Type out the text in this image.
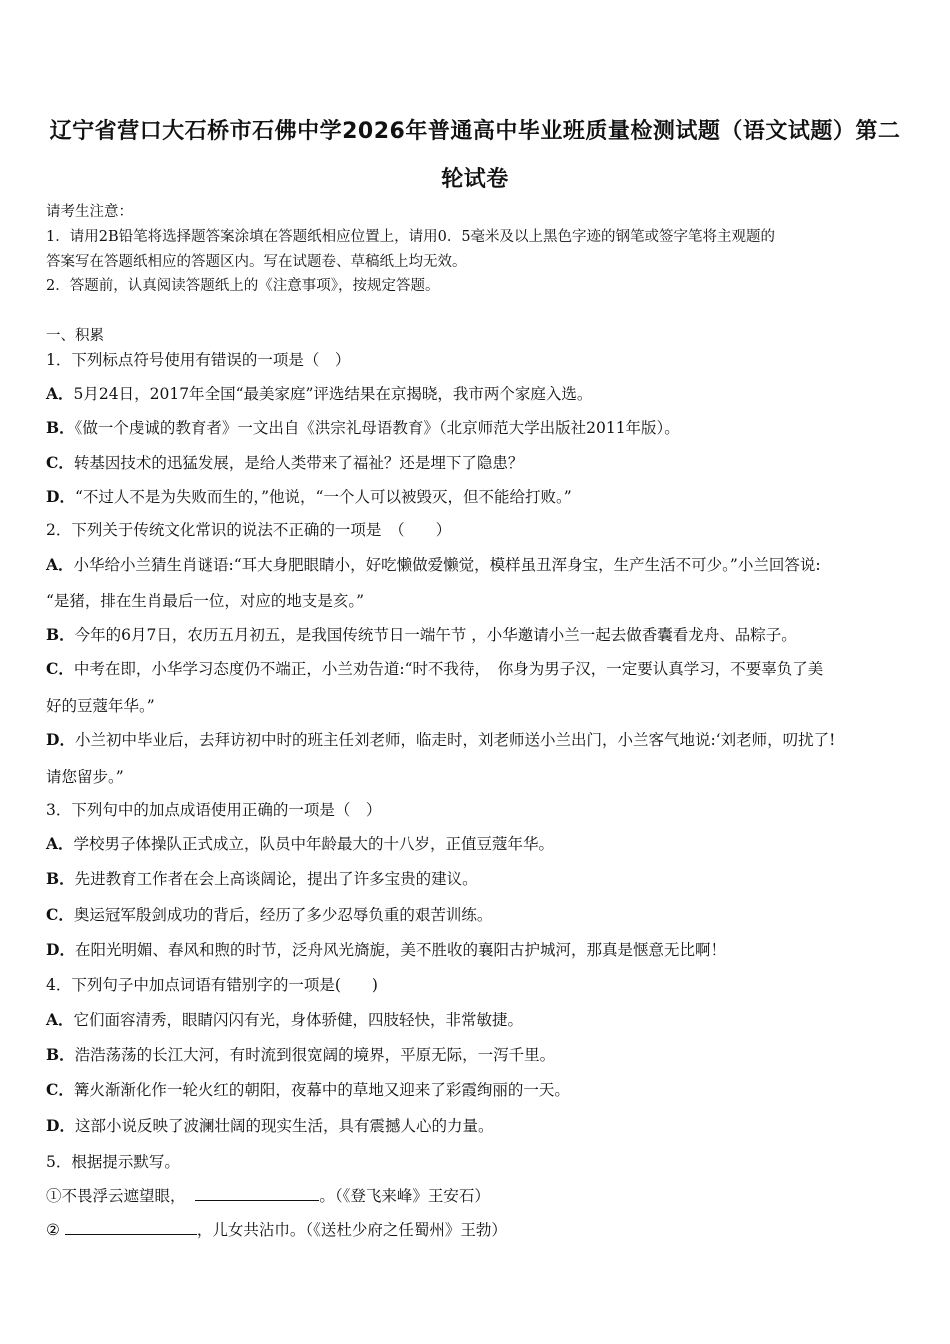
辽宁省营口大石桥市石佛中学2026年普通高中毕业班质量检测试题（语文试题）第二
轮试卷
请考生注意：
1．请用2B铅笔将选择题答案涂填在答题纸相应位置上，请用0．5毫米及以上黑色字迹的钢笔或签字笔将主观题的
答案写在答题纸相应的答题区内。写在试题卷、草稿纸上均无效。
2．答题前，认真阅读答题纸上的《注意事项》，按规定答题。
一、积累
1．下列标点符号使用有错误的一项是（　）
A．5月24日，2017年全国“最美家庭”评选结果在京揭晓，我市两个家庭入选。
B．《做一个虔诚的教育者》一文出自《洪宗礼母语教育》（北京师范大学出版社2011年版）。
C．转基因技术的迅猛发展，是给人类带来了福祉？还是埋下了隐患？
D．“不过人不是为失败而生的，”他说，“一个人可以被毁灭，但不能给打败。”
2．下列关于传统文化常识的说法不正确的一项是　（　　）
A．小华给小兰猜生肖谜语:“耳大身肥眼睛小，好吃懒做爱懒觉，模样虽丑浑身宝，生产生活不可少。”小兰回答说:
“是猪，排在生肖最后一位，对应的地支是亥。”
B．今年的6月7日，农历五月初五，是我国传统节日一端午节 ，小华邀请小兰一起去做香囊看龙舟、品粽子。
C．中考在即，小华学习态度仍不端正，小兰劝告道:“时不我待，　你身为男子汉，一定要认真学习，不要辜负了美
好的豆蔻年华。”
D．小兰初中毕业后，去拜访初中时的班主任刘老师，临走时，刘老师送小兰出门，小兰客气地说:‘刘老师，叨扰了!
请您留步。”
3．下列句中的加点成语使用正确的一项是（　）
A．学校男子体操队正式成立，队员中年龄最大的十八岁，正值豆蔻年华。
B．先进教育工作者在会上高谈阔论，提出了许多宝贵的建议。
C．奥运冠军殷剑成功的背后，经历了多少忍辱负重的艰苦训练。
D．在阳光明媚、春风和煦的时节，泛舟风光旖旎，美不胜收的襄阳古护城河，那真是惬意无比啊！
4．下列句子中加点词语有错别字的一项是(　　)
A．它们面容清秀，眼睛闪闪有光，身体骄健，四肢轻快，非常敏捷。
B．浩浩荡荡的长江大河，有时流到很宽阔的境界，平原无际，一泻千里。
C．篝火渐渐化作一轮火红的朝阳，夜幕中的草地又迎来了彩霞绚丽的一天。
D．这部小说反映了波澜壮阔的现实生活，具有震撼人心的力量。
5．根据提示默写。
①不畏浮云遮望眼，	。（《登飞来峰》王安石）
②	，儿女共沾巾。（《送杜少府之任蜀州》王勃）
